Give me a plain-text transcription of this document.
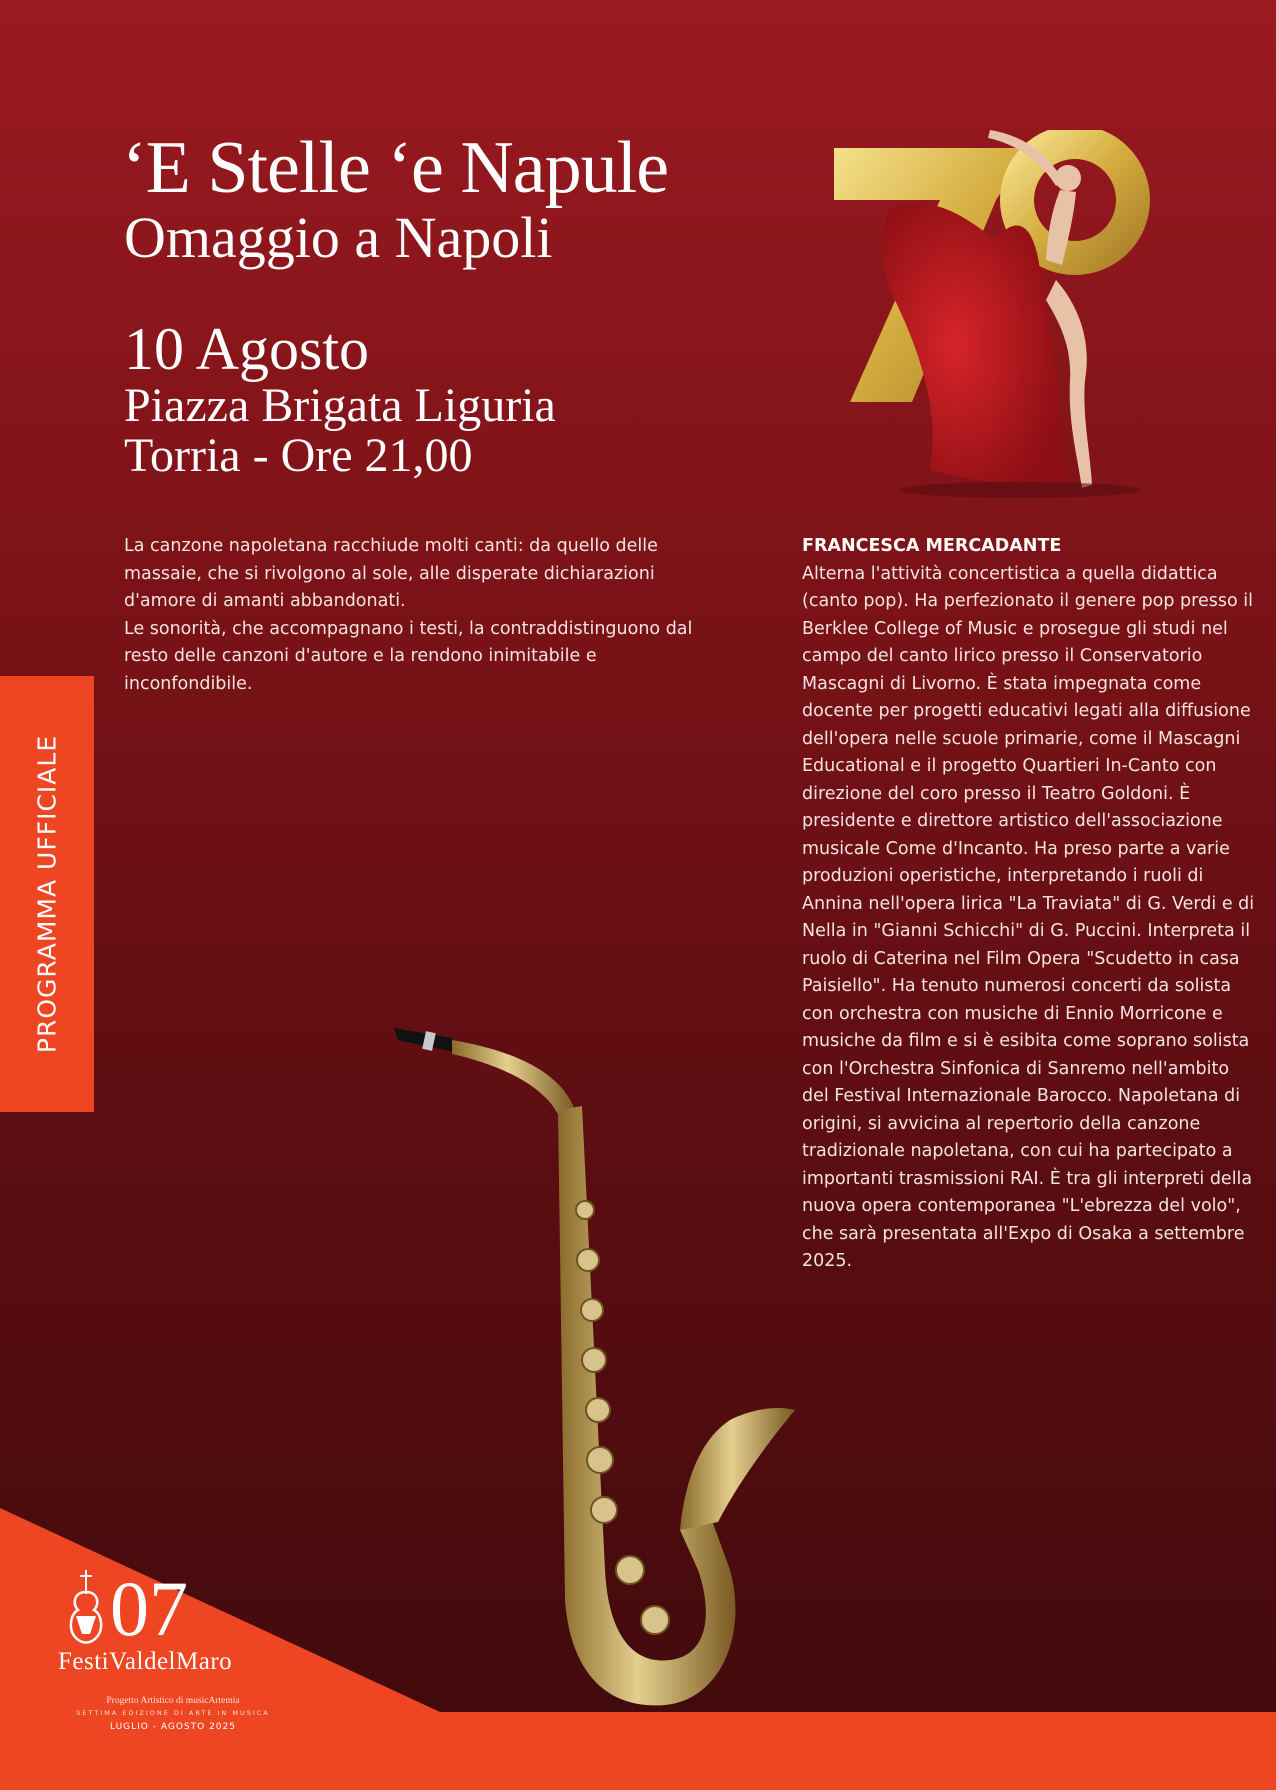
‘E Stelle ‘e Napule
Omaggio a Napoli
10 Agosto
Piazza Brigata Liguria
Torria - Ore 21,00

La canzone napoletana racchiude molti canti: da quello delle massaie, che si rivolgono al sole, alle disperate dichiarazioni d'amore di amanti abbandonati.

Le sonorità, che accompagnano i testi, la contraddistinguono dal resto delle canzoni d'autore e la rendono inimitabile e inconfondibile.

FRANCESCA MERCADANTE
Alterna l'attività concertistica a quella didattica (canto pop). Ha perfezionato il genere pop presso il Berklee College of Music e prosegue gli studi nel campo del canto lirico presso il Conservatorio Mascagni di Livorno. È stata impegnata come docente per progetti educativi legati alla diffusione dell'opera nelle scuole primarie, come il Mascagni Educational e il progetto Quartieri In-Canto con direzione del coro presso il Teatro Goldoni. È presidente e direttore artistico dell'associazione musicale Come d'Incanto. Ha preso parte a varie produzioni operistiche, interpretando i ruoli di Annina nell'opera lirica "La Traviata" di G. Verdi e di Nella in "Gianni Schicchi" di G. Puccini. Interpreta il ruolo di Caterina nel Film Opera "Scudetto in casa Paisiello". Ha tenuto numerosi concerti da solista con orchestra con musiche di Ennio Morricone e musiche da film e si è esibita come soprano solista con l'Orchestra Sinfonica di Sanremo nell'ambito del Festival Internazionale Barocco. Napoletana di origini, si avvicina al repertorio della canzone tradizionale napoletana, con cui ha partecipato a importanti trasmissioni RAI. È tra gli interpreti della nuova opera contemporanea "L'ebrezza del volo", che sarà presentata all'Expo di Osaka a settembre 2025.
PROGRAMMA UFFICIALE
07
FestiValdelMaro
Progetto Artistico di musicArtemia
SETTIMA EDIZIONE DI ARTE IN MUSICA
LUGLIO - AGOSTO 2025
